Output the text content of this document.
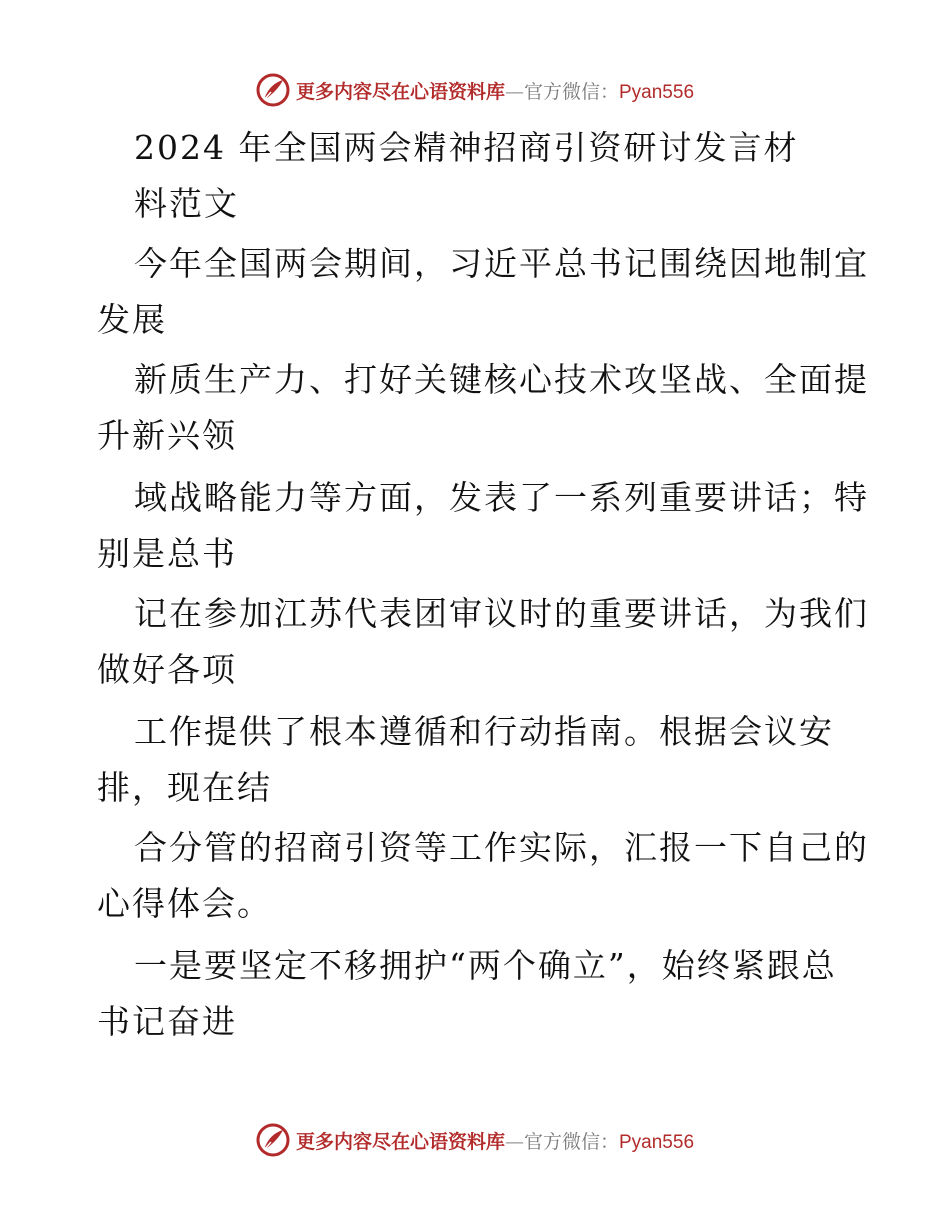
更多内容尽在心语资料库—官方微信：Pyan556
2024 年全国两会精神招商引资研讨发言材
料范文
今年全国两会期间，习近平总书记围绕因地制宜
发展
新质生产力、打好关键核心技术攻坚战、全面提
升新兴领
域战略能力等方面，发表了一系列重要讲话；特
别是总书
记在参加江苏代表团审议时的重要讲话，为我们
做好各项
工作提供了根本遵循和行动指南。根据会议安
排，现在结
合分管的招商引资等工作实际，汇报一下自己的
心得体会。
一是要坚定不移拥护“两个确立”，始终紧跟总
书记奋进
更多内容尽在心语资料库—官方微信：Pyan556
